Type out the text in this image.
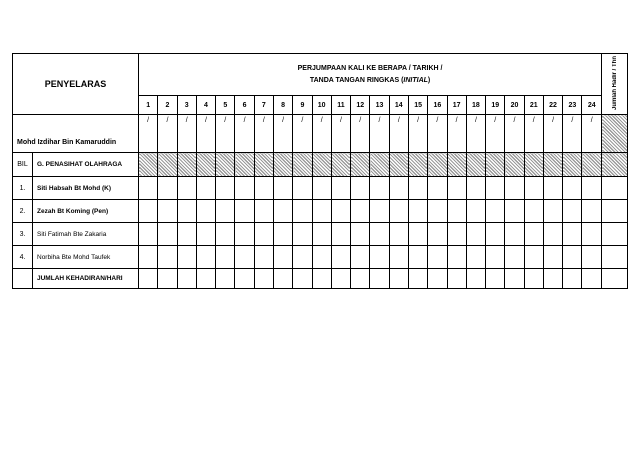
PENYELARAS		PERJUMPAAN KALI KE BERAPA / TARIKH /
TANDA TANGAN RINGKAS (INITIAL)																								Jumlah Hadir / Thn
		1	2	3	4	5	6	7	8	9	10	11	12	13	14	15	16	17	18	19	20	21	22	23	24	
Mohd Izdihar Bin Kamaruddin		/	/	/	/	/	/	/	/	/	/	/	/	/	/	/	/	/	/	/	/	/	/	/	/	
BIL	G. PENASIHAT OLAHRAGA																									
1.	Siti Habsah Bt Mohd (K)																									
2.	Zezah Bt Koming (Pen)																									
3.	Siti Fatimah Bte Zakaria																									
4.	Norbiha Bte Mohd Taufek																									
	JUMLAH KEHADIRAN/HARI																									
